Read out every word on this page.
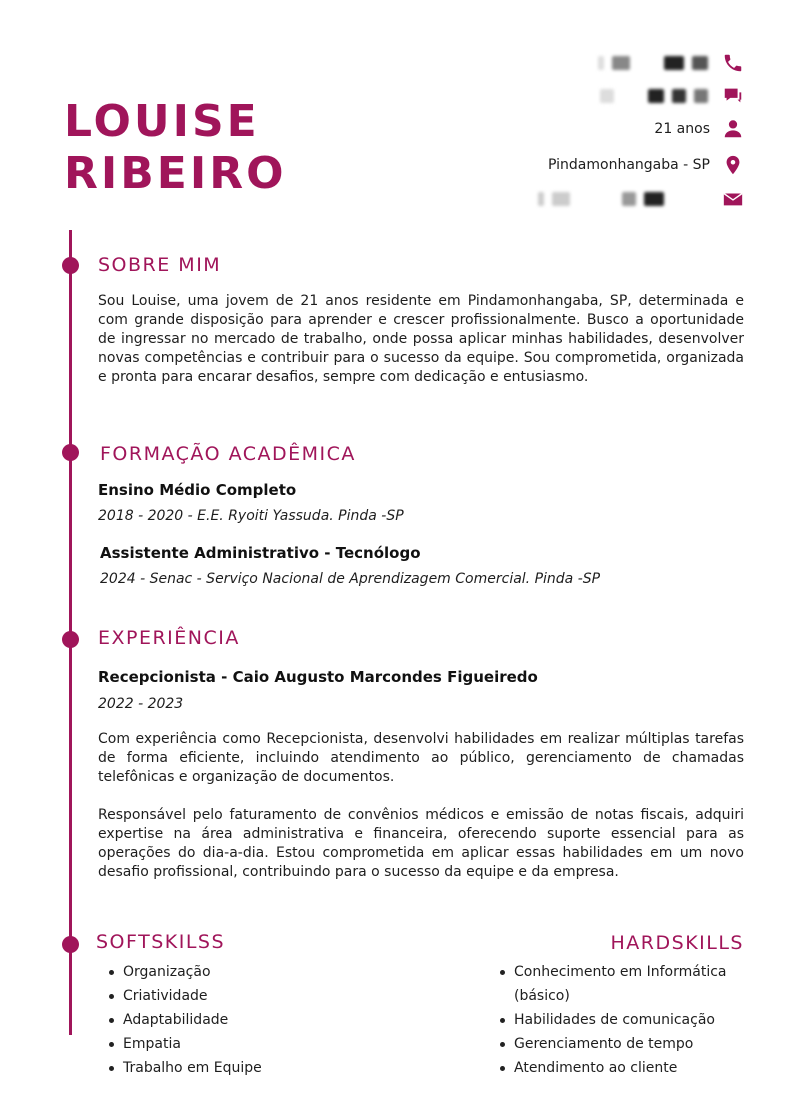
LOUISE
RIBEIRO
21 anos
Pindamonhangaba - SP
SOBRE MIM
Sou Louise, uma jovem de 21 anos residente em Pindamonhangaba, SP, determinada e com grande disposição para aprender e crescer profissionalmente. Busco a oportunidade de ingressar no mercado de trabalho, onde possa aplicar minhas habilidades, desenvolver novas competências e contribuir para o sucesso da equipe. Sou comprometida, organizada e pronta para encarar desafios, sempre com dedicação e entusiasmo.
FORMAÇÃO ACADÊMICA
Ensino Médio Completo
2018 - 2020 - E.E. Ryoiti Yassuda. Pinda -SP
Assistente Administrativo - Tecnólogo
2024 - Senac - Serviço Nacional de Aprendizagem Comercial. Pinda -SP
EXPERIÊNCIA
Recepcionista - Caio Augusto Marcondes Figueiredo
2022 - 2023
Com experiência como Recepcionista, desenvolvi habilidades em realizar múltiplas tarefas de forma eficiente, incluindo atendimento ao público, gerenciamento de chamadas telefônicas e organização de documentos.
Responsável pelo faturamento de convênios médicos e emissão de notas fiscais, adquiri expertise na área administrativa e financeira, oferecendo suporte essencial para as operações do dia-a-dia. Estou comprometida em aplicar essas habilidades em um novo desafio profissional, contribuindo para o sucesso da equipe e da empresa.
SOFTSKILSS
Organização
Criatividade
Adaptabilidade
Empatia
Trabalho em Equipe
HARDSKILLS
Conhecimento em Informática (básico)
Habilidades de comunicação
Gerenciamento de tempo
Atendimento ao cliente
